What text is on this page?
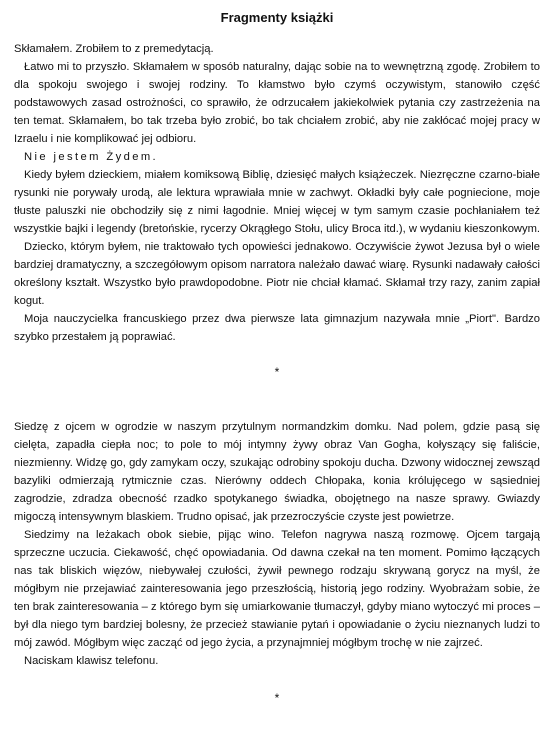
Fragmenty książki

Skłamałem. Zrobiłem to z premedytacją.

Łatwo mi to przyszło. Skłamałem w sposób naturalny, dając sobie na to wewnętrzną zgodę. Zrobiłem to dla spokoju swojego i swojej rodziny. To kłamstwo było czymś oczywistym, stanowiło część podstawowych zasad ostrożności, co sprawiło, że odrzucałem jakiekolwiek pytania czy zastrzeżenia na ten temat. Skłamałem, bo tak trzeba było zrobić, bo tak chciałem zrobić, aby nie zakłócać mojej pracy w Izraelu i nie komplikować jej odbioru.

Nie jestem Żydem.

Kiedy byłem dzieckiem, miałem komiksową Biblię, dziesięć małych książeczek. Niezręczne czarno-białe rysunki nie porywały urodą, ale lektura wprawiała mnie w zachwyt. Okładki były całe pogniecione, moje tłuste paluszki nie obchodziły się z nimi łagodnie. Mniej więcej w tym samym czasie pochłaniałem też wszystkie bajki i legendy (bretońskie, rycerzy Okrągłego Stołu, ulicy Broca itd.), w wydaniu kieszonkowym.

Dziecko, którym byłem, nie traktowało tych opowieści jednakowo. Oczywiście żywot Jezusa był o wiele bardziej dramatyczny, a szczegółowym opisom narratora należało dawać wiarę. Rysunki nadawały całości określony kształt. Wszystko było prawdopodobne. Piotr nie chciał kłamać. Skłamał trzy razy, zanim zapiał kogut.

Moja nauczycielka francuskiego przez dwa pierwsze lata gimnazjum nazywała mnie „Piort". Bardzo szybko przestałem ją poprawiać.

*

Siedzę z ojcem w ogrodzie w naszym przytulnym normandzkim domku. Nad polem, gdzie pasą się cielęta, zapadła ciepła noc; to pole to mój intymny żywy obraz Van Gogha, kołyszący się faliście, niezmienny. Widzę go, gdy zamykam oczy, szukając odrobiny spokoju ducha. Dzwony widocznej zewsząd bazyliki odmierzają rytmicznie czas. Nierówny oddech Chłopaka, konia królujęcego w sąsiedniej zagrodzie, zdradza obecność rzadko spotykanego świadka, obojętnego na nasze sprawy. Gwiazdy migoczą intensywnym blaskiem. Trudno opisać, jak przezroczyście czyste jest powietrze.

Siedzimy na leżakach obok siebie, pijąc wino. Telefon nagrywa naszą rozmowę. Ojcem targają sprzeczne uczucia. Ciekawość, chęć opowiadania. Od dawna czekał na ten moment. Pomimo łączących nas tak bliskich więzów, niebywałej czułości, żywił pewnego rodzaju skrywaną goryсz na myśl, że mógłbym nie przejawiać zainteresowania jego przeszłością, historią jego rodziny. Wyobrażam sobie, że ten brak zainteresowania – z którego bym się umiarkowanie tłumaczył, gdyby miano wytoczyć mi proces – był dla niego tym bardziej bolesny, że przecież stawianie pytań i opowiadanie o życiu nieznanych ludzi to mój zawód. Mógłbym więc zacząć od jego życia, a przynajmniej mógłbym trochę w nie zajrzeć.

Naciskam klawisz telefonu.

*
